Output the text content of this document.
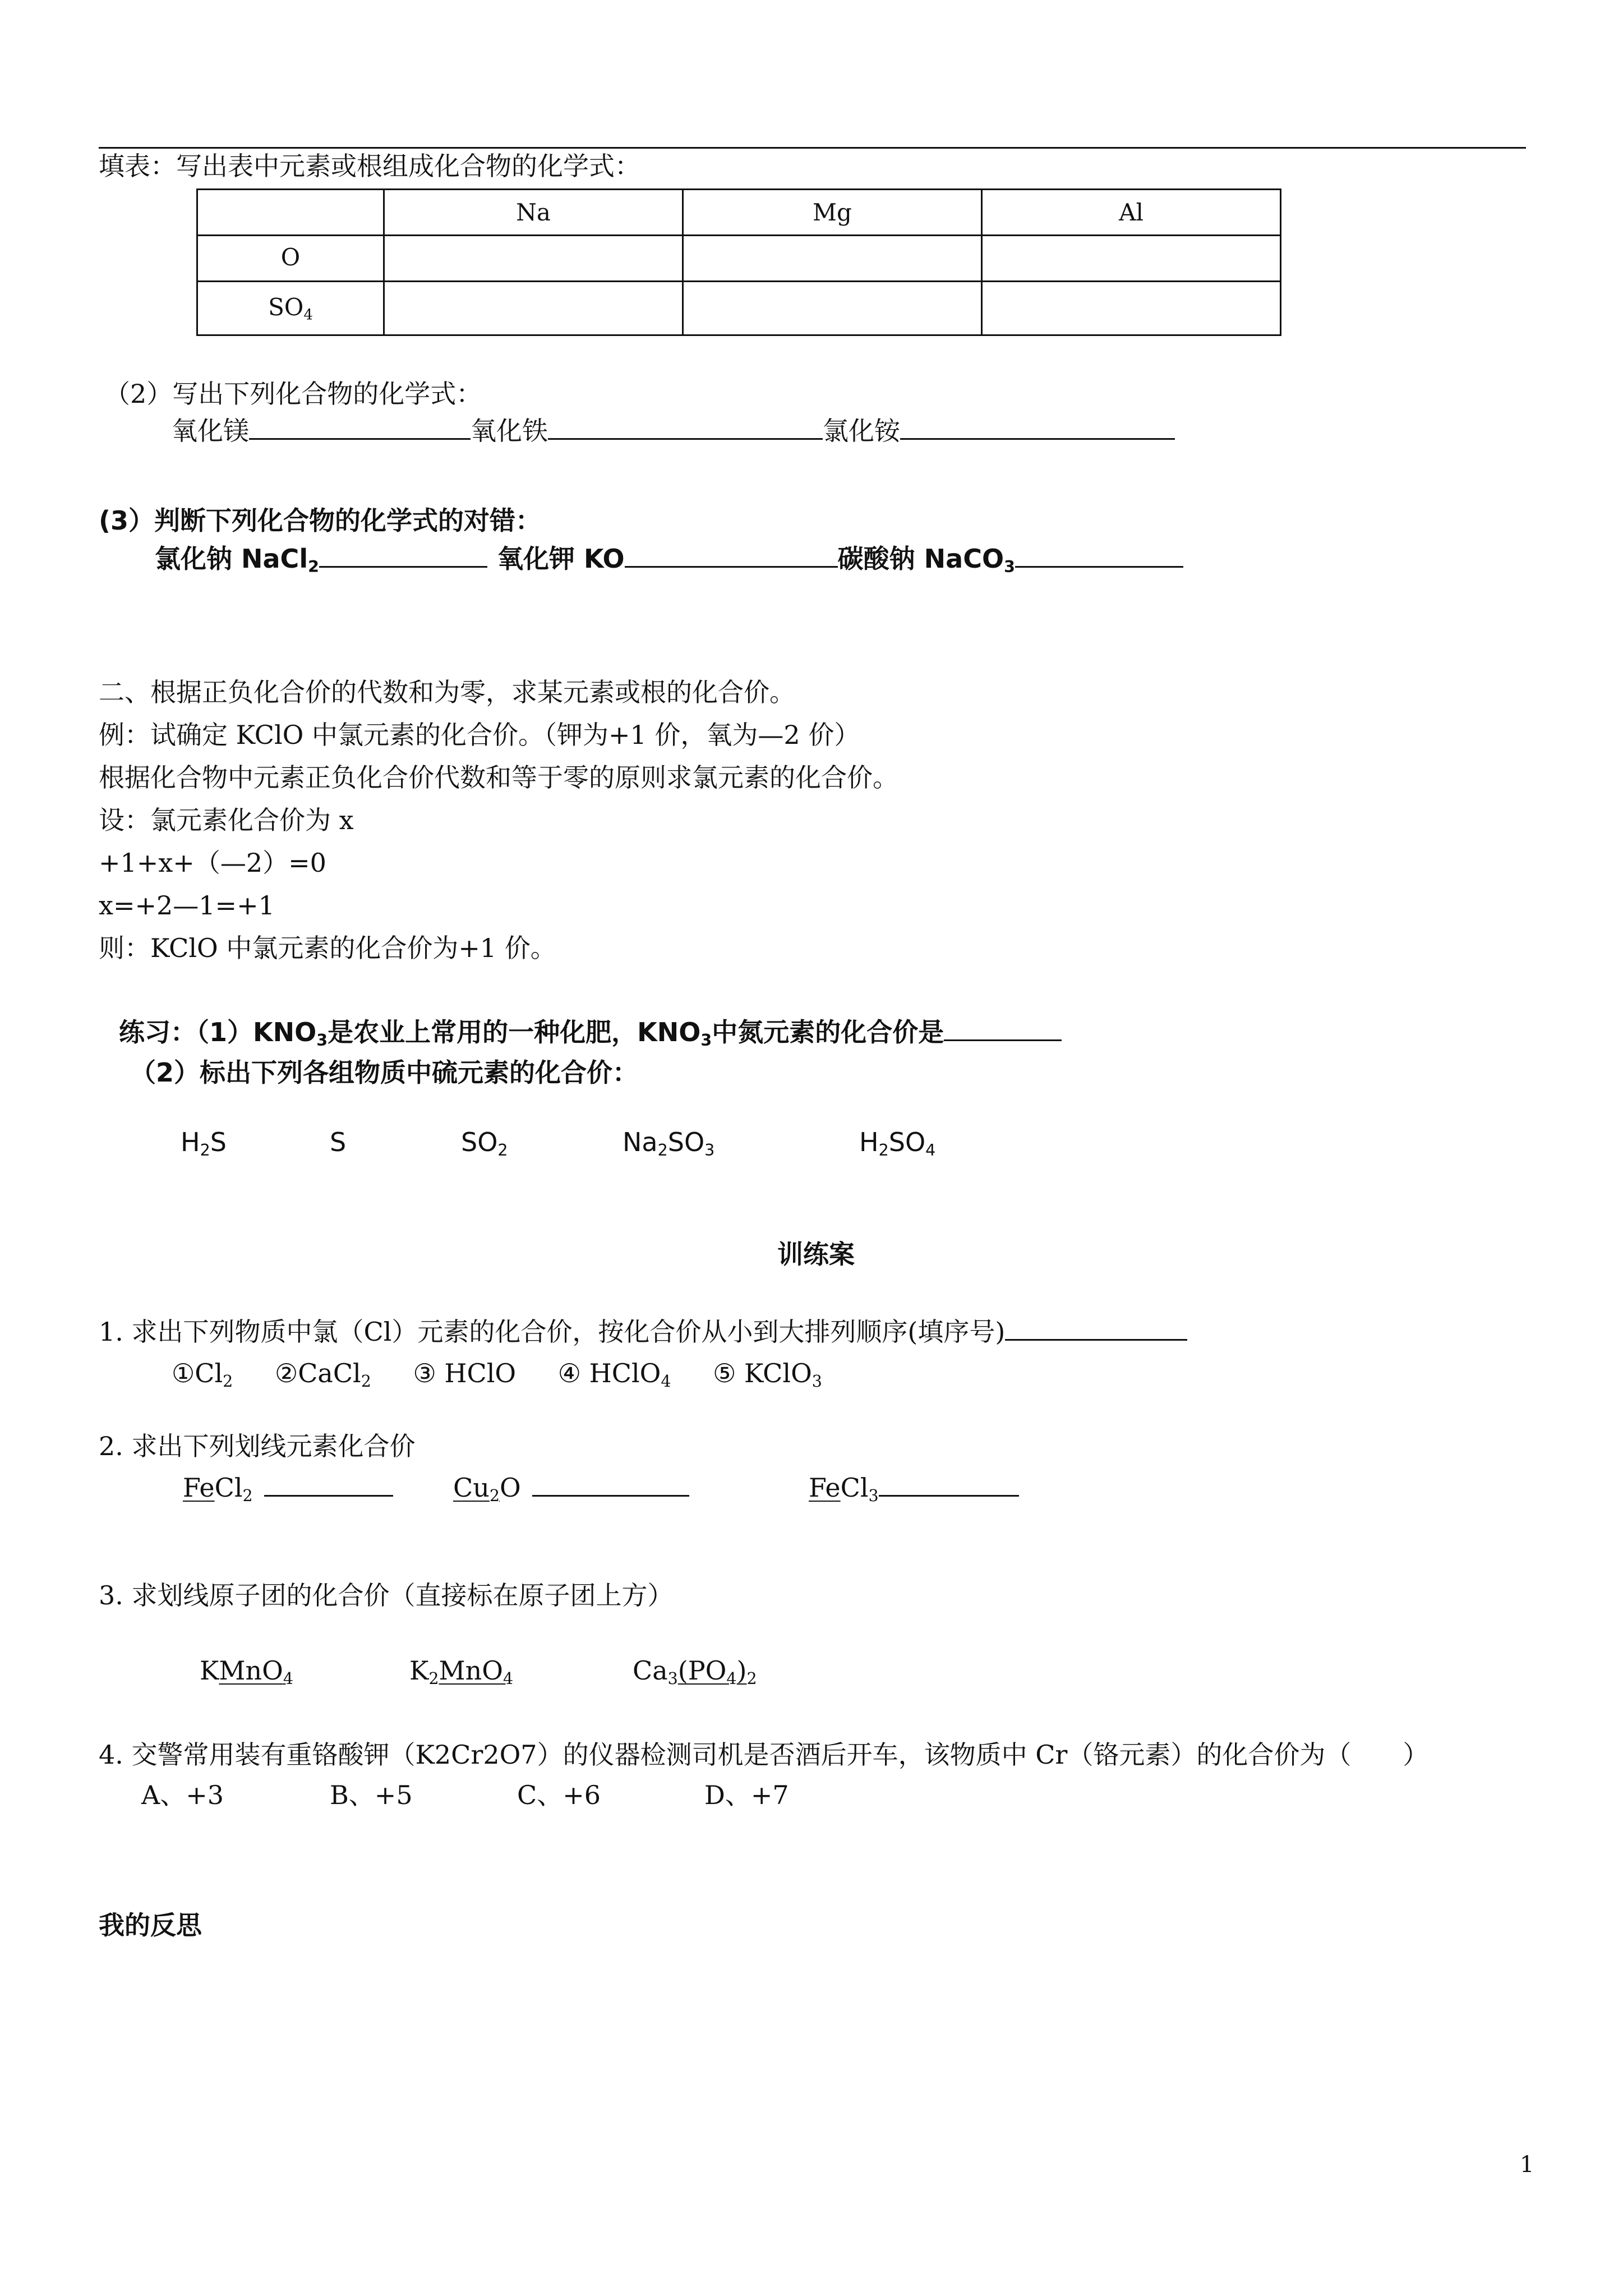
填表：写出表中元素或根组成化合物的化学式：
	Na	Mg	Al
O			
$SO_4$			
（2）写出下列化合物的化学式：
氧化镁	氧化铁	氯化铵
(3）判断下列化合物的化学式的对错：
氯化钠 NaCl$_2$	氧化钾 KO	碳酸钠 NaCO$_3$
二、根据正负化合价的代数和为零，求某元素或根的化合价。
例：试确定 KClO 中氯元素的化合价。（钾为+1 价，氧为—2 价）
根据化合物中元素正负化合价代数和等于零的原则求氯元素的化合价。
设：氯元素化合价为 x
+1+x+（—2）=0
x=+2—1=+1
则：KClO 中氯元素的化合价为+1 价。
练习：$(1)KNO_3$是农业上常用的一种化肥，$KNO_3$中氮元素的化合价是
（2）标出下列各组物质中硫元素的化合价：
$H_2S$	S	$SO_2$	$Na_2SO_3$	$H_2SO_4$
训练案
1. 求出下列物质中氯（Cl）元素的化合价，按化合价从小到大排列顺序(填序号)
$①Cl_2$ ②CaCl$_2$ ③ HClO ④ HClO$_4$ ⑤ KClO$_3$
2. 求出下列划线元素化合价
FeCl$_2$	$Cu_2O$	FeCl$_3$
3. 求划线原子团的化合价（直接标在原子团上方）
KMnO$_4$	$K_2MnO_4$	$Ca_3(PO_4)_2$
4. 交警常用装有重铬酸钾（K2Cr2O7）的仪器检测司机是否酒后开车，该物质中 Cr（铬元素）的化合价为（　　）
A、+3	B、+5	C、+6	D、+7
我的反思
1
